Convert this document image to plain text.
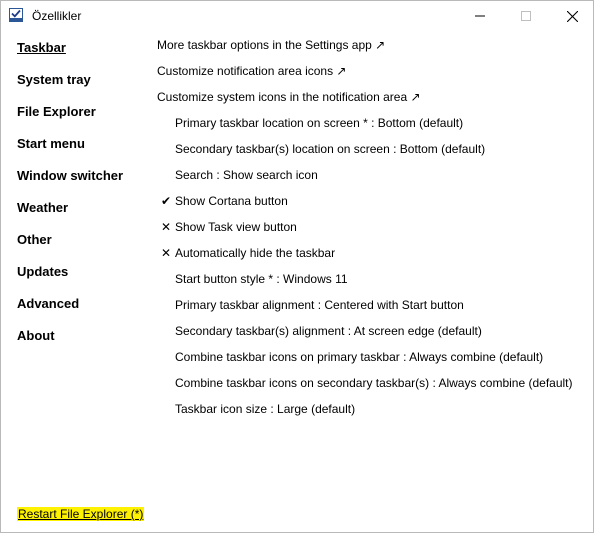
Özellikler
Taskbar
System tray
File Explorer
Start menu
Window switcher
Weather
Other
Updates
Advanced
About
More taskbar options in the Settings app ↗
Customize notification area icons ↗
Customize system icons in the notification area ↗
Primary taskbar location on screen * : Bottom (default)
Secondary taskbar(s) location on screen : Bottom (default)
Search : Show search icon
✔ Show Cortana button
✕ Show Task view button
✕ Automatically hide the taskbar
Start button style * : Windows 11
Primary taskbar alignment : Centered with Start button
Secondary taskbar(s) alignment : At screen edge (default)
Combine taskbar icons on primary taskbar : Always combine (default)
Combine taskbar icons on secondary taskbar(s) : Always combine (default)
Taskbar icon size : Large (default)
Restart File Explorer (*)
